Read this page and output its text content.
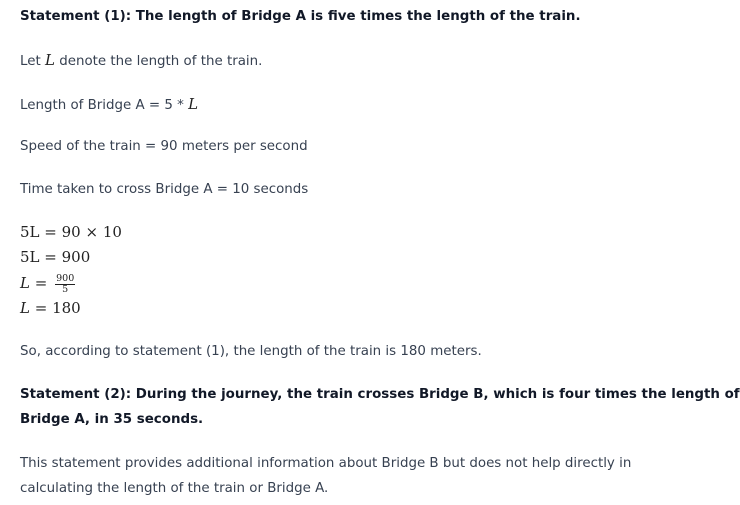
Statement (1): The length of Bridge A is five times the length of the train.
Let L denote the length of the train.
Length of Bridge A = 5 * L
Speed of the train = 90 meters per second
Time taken to cross Bridge A = 10 seconds
5L = 90 × 10
5L = 900
$L = \frac{900}{5}$
L = 180
So, according to statement (1), the length of the train is 180 meters.
Statement (2): During the journey, the train crosses Bridge B, which is four times the length of
Bridge A, in 35 seconds.
This statement provides additional information about Bridge B but does not help directly in
calculating the length of the train or Bridge A.
